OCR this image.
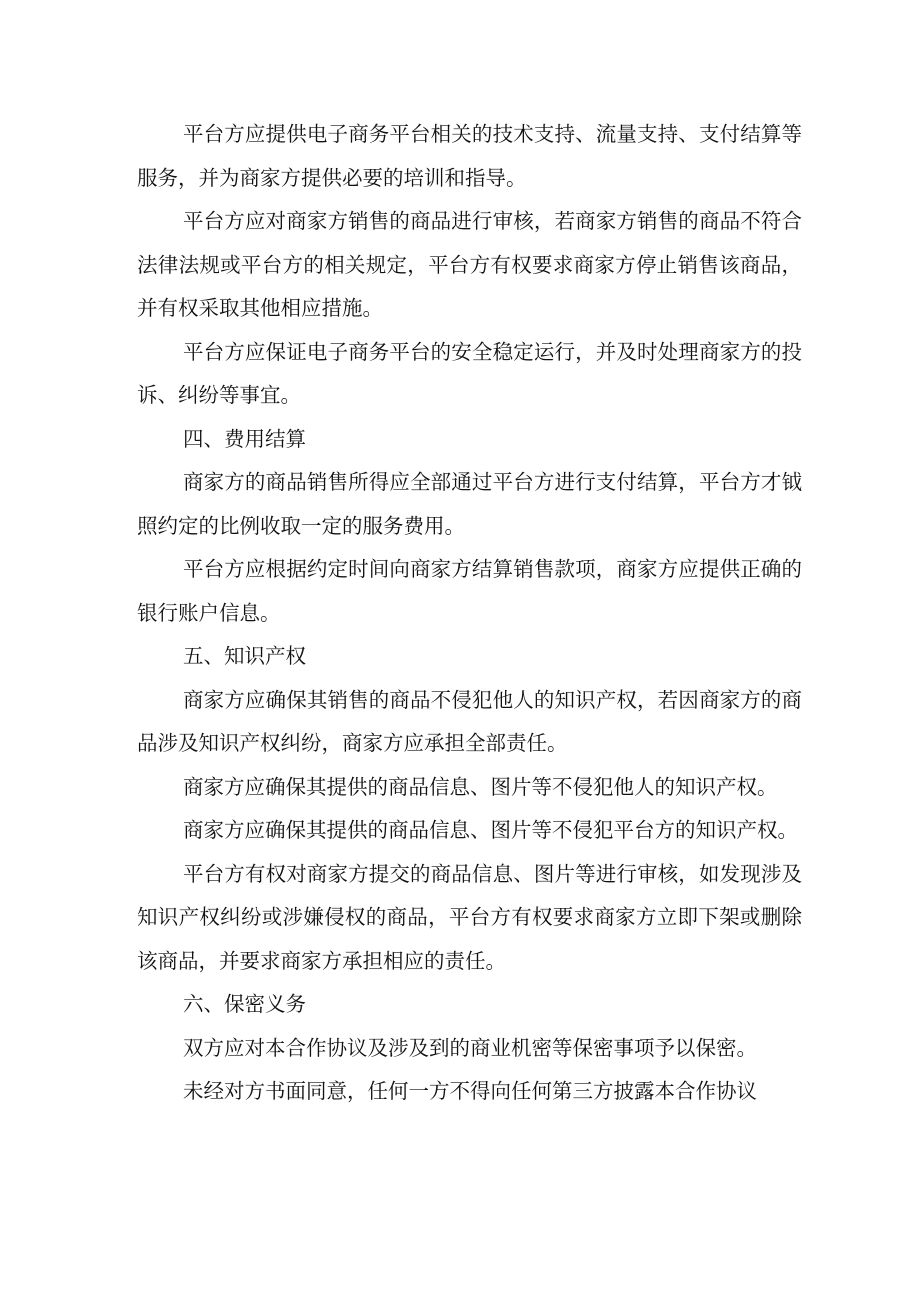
平台方应提供电子商务平台相关的技术支持、流量支持、支付结算等服务，并为商家方提供必要的培训和指导。

平台方应对商家方销售的商品进行审核，若商家方销售的商品不符合法律法规或平台方的相关规定，平台方有权要求商家方停止销售该商品，并有权采取其他相应措施。

平台方应保证电子商务平台的安全稳定运行，并及时处理商家方的投诉、纠纷等事宜。

四、费用结算

商家方的商品销售所得应全部通过平台方进行支付结算，平台方才钺照约定的比例收取一定的服务费用。

平台方应根据约定时间向商家方结算销售款项，商家方应提供正确的银行账户信息。

五、知识产权

商家方应确保其销售的商品不侵犯他人的知识产权，若因商家方的商品涉及知识产权纠纷，商家方应承担全部责任。

商家方应确保其提供的商品信息、图片等不侵犯他人的知识产权。

商家方应确保其提供的商品信息、图片等不侵犯平台方的知识产权。

平台方有权对商家方提交的商品信息、图片等进行审核，如发现涉及知识产权纠纷或涉嫌侵权的商品，平台方有权要求商家方立即下架或删除该商品，并要求商家方承担相应的责任。

六、保密义务

双方应对本合作协议及涉及到的商业机密等保密事项予以保密。

未经对方书面同意，任何一方不得向任何第三方披露本合作协议
